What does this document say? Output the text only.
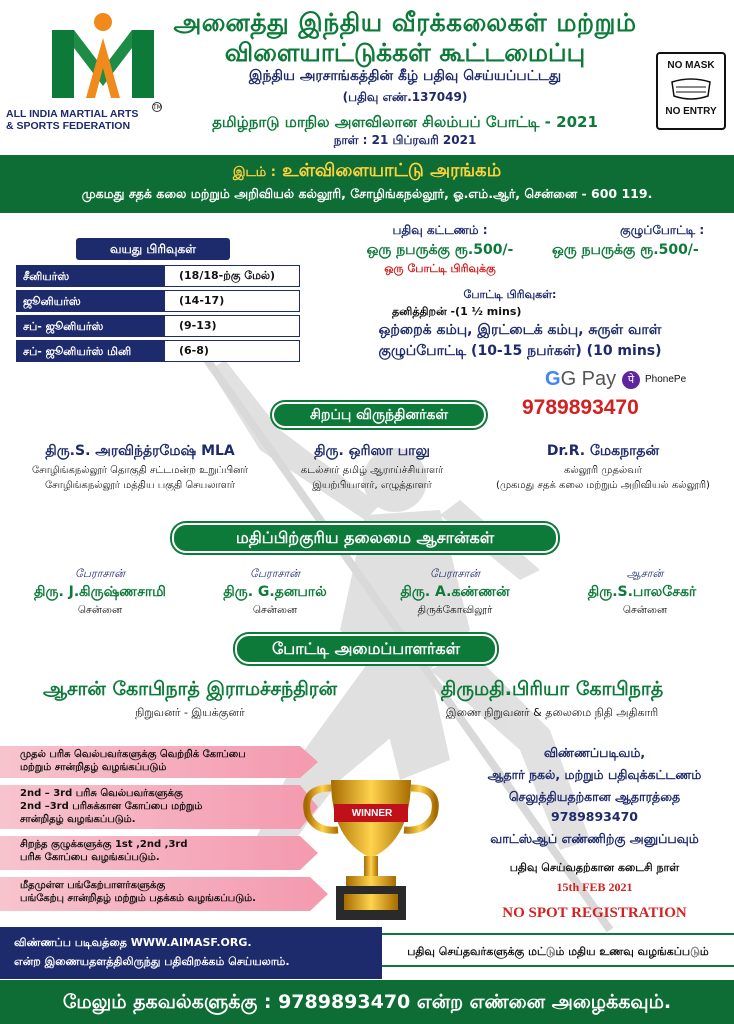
ALL INDIA MARTIAL ARTS
& SPORTS FEDERATION
TM
அனைத்து இந்திய வீரக்கலைகள் மற்றும்
விளையாட்டுக்கள் கூட்டமைப்பு
இந்திய அரசாங்கத்தின் கீழ் பதிவு செய்யப்பட்டது
(பதிவு எண்.137049)
தமிழ்நாடு மாநில அளவிலான சிலம்பப் போட்டி - 2021
நாள் : 21 பிப்ரவரி 2021
NO MASK
NO ENTRY
இடம் : உள்விளையாட்டு அரங்கம்
முகமது சதக் கலை மற்றும் அறிவியல் கல்லூரி, சோழிங்கநல்லூர், ஓ.எம்.ஆர், சென்னை - 600 119.
வயது பிரிவுகள்
சீனியர்ஸ்	(18/18-ற்கு மேல்)
ஜூனியர்ஸ்	(14-17)
சப்- ஜூனியர்ஸ்	(9-13)
சப்- ஜூனியர்ஸ் மினி	(6-8)
பதிவு கட்டணம் :
ஒரு நபருக்கு ரூ.500/-
ஒரு போட்டி பிரிவுக்கு
குழுப்போட்டி :
ஒரு நபருக்கு ரூ.500/-
போட்டி பிரிவுகள்:
தனித்திறன் -(1 ½ mins)
ஒற்றைக் கம்பு, இரட்டைக் கம்பு, சுருள் வாள்
குழுப்போட்டி (10-15 நபர்கள்) (10 mins)
GG Pay	पे	PhonePe
9789893470
சிறப்பு விருந்தினர்கள்
திரு.S. அரவிந்த்ரமேஷ் MLA
சோழிங்கநல்லூர் தொகுதி சட்டமன்ற உறுப்பினர்
சோழிங்கநல்லூர் மத்திய பகுதி செயலாளர்
திரு. ஒரிஸா பாலு
கடல்சார் தமிழ் ஆராய்ச்சியாளர்
இயற்பியாளர், எழுத்தாளர்
Dr.R. மேகநாதன்
கல்லூரி முதல்வர்
(முகமது சதக் கலை மற்றும் அறிவியல் கல்லூரி)
மதிப்பிற்குரிய தலைமை ஆசான்கள்
பேராசான்
திரு. J.கிருஷ்ணசாமி
சென்னை
பேராசான்
திரு. G.தனபால்
சென்னை
பேராசான்
திரு. A.கண்ணன்
திருக்கோவிலூர்
ஆசான்
திரு.S.பாலசேகர்
சென்னை
போட்டி அமைப்பாளர்கள்
ஆசான் கோபிநாத் இராமச்சந்திரன்
நிறுவனர் - இயக்குனர்
திருமதி.பிரியா கோபிநாத்
இணை நிறுவனர் & தலைமை நிதி அதிகாரி
முதல் பரிசு வெல்பவர்களுக்கு வெற்றிக் கோப்பை
மற்றும் சான்றிதழ் வழங்கப்படும்
2nd – 3rd பரிசு வெல்பவர்களுக்கு
2nd –3rd பரிசுக்கான கோப்பை மற்றும்
சான்றிதழ் வழங்கப்படும்.
சிறந்த குழுக்களுக்கு 1st ,2nd ,3rd
பரிசு கோப்பை வழங்கப்படும்.
மீதமுள்ள பங்கேற்பாளர்களுக்கு
பங்கேற்பு சான்றிதழ் மற்றும் பதக்கம் வழங்கப்படும்.
WINNER
விண்ணப்படிவம்,
ஆதார் நகல், மற்றும் பதிவுக்கட்டணம்
செலுத்தியதற்கான ஆதாரத்தை
9789893470
வாட்ஸ்ஆப் எண்ணிற்கு அனுப்பவும்
பதிவு செய்வதற்கான கடைசி நாள்
15th FEB 2021
NO SPOT REGISTRATION
விண்ணப்ப படிவத்தை WWW.AIMASF.ORG.
என்ற இணையதளத்திலிருந்து பதிவிறக்கம் செய்யலாம்.
பதிவு செய்தவர்களுக்கு மட்டும் மதிய உணவு வழங்கப்படும்
மேலும் தகவல்களுக்கு : 9789893470 என்ற எண்னை அழைக்கவும்.
